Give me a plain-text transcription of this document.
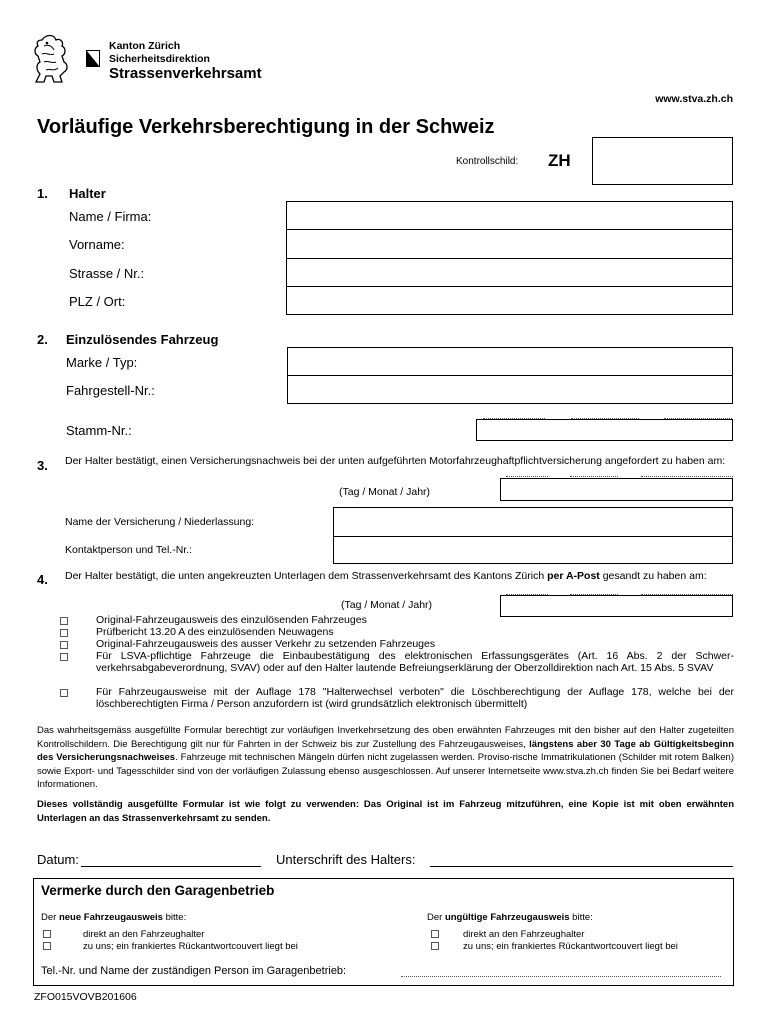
Kanton Zürich
Sicherheitsdirektion
Strassenverkehrsamt
www.stva.zh.ch
Vorläufige Verkehrsberechtigung in der Schweiz
Kontrollschild: ZH
1. Halter
Name / Firma:
Vorname:
Strasse / Nr.:
PLZ / Ort:
2. Einzulösendes Fahrzeug
Marke / Typ:
Fahrgestell-Nr.:
Stamm-Nr.:
3. Der Halter bestätigt, einen Versicherungsnachweis bei der unten aufgeführten Motorfahrzeughaftpflichtversicherung angefordert zu haben am:
(Tag / Monat / Jahr)
Name der Versicherung / Niederlassung:
Kontaktperson und Tel.-Nr.:
4. Der Halter bestätigt, die unten angekreuzten Unterlagen dem Strassenverkehrsamt des Kantons Zürich per A-Post gesandt zu haben am:
(Tag / Monat / Jahr)
Original-Fahrzeugausweis des einzulösenden Fahrzeuges
Prüfbericht 13.20 A des einzulösenden Neuwagens
Original-Fahrzeugausweis des ausser Verkehr zu setzenden Fahrzeuges
Für LSVA-pflichtige Fahrzeuge die Einbaubestätigung des elektronischen Erfassungsgerätes (Art. 16 Abs. 2 der Schwer-verkehrsabgabeverordnung, SVAV) oder auf den Halter lautende Befreiungserklärung der Oberzolldirektion nach Art. 15 Abs. 5 SVAV
Für Fahrzeugausweise mit der Auflage 178 "Halterwechsel verboten" die Löschberechtigung der Auflage 178, welche bei der löschberechtigten Firma / Person anzufordern ist (wird grundsätzlich elektronisch übermittelt)
Das wahrheitsgemäss ausgefüllte Formular berechtigt zur vorläufigen Inverkehrsetzung des oben erwähnten Fahrzeuges mit den bisher auf den Halter zugeteilten Kontrollschildern. Die Berechtigung gilt nur für Fahrten in der Schweiz bis zur Zustellung des Fahrzeugausweises, längstens aber 30 Tage ab Gültigkeitsbeginn des Versicherungsnachweises. Fahrzeuge mit technischen Mängeln dürfen nicht zugelassen werden. Proviso-rische Immatrikulationen (Schilder mit rotem Balken) sowie Export- und Tagesschilder sind von der vorläufigen Zulassung ebenso ausgeschlossen. Auf unserer Internetseite www.stva.zh.ch finden Sie bei Bedarf weitere Informationen.
Dieses vollständig ausgefüllte Formular ist wie folgt zu verwenden: Das Original ist im Fahrzeug mitzuführen, eine Kopie ist mit oben erwähnten Unterlagen an das Strassenverkehrsamt zu senden.
Datum:	Unterschrift des Halters:
Vermerke durch den Garagenbetrieb
Der neue Fahrzeugausweis bitte:	Der ungültige Fahrzeugausweis bitte:
direkt an den Fahrzeughalter
zu uns; ein frankiertes Rückantwortcouvert liegt bei
direkt an den Fahrzeughalter
zu uns; ein frankiertes Rückantwortcouvert liegt bei
Tel.-Nr. und Name der zuständigen Person im Garagenbetrieb:
ZFO015VOVB201606
